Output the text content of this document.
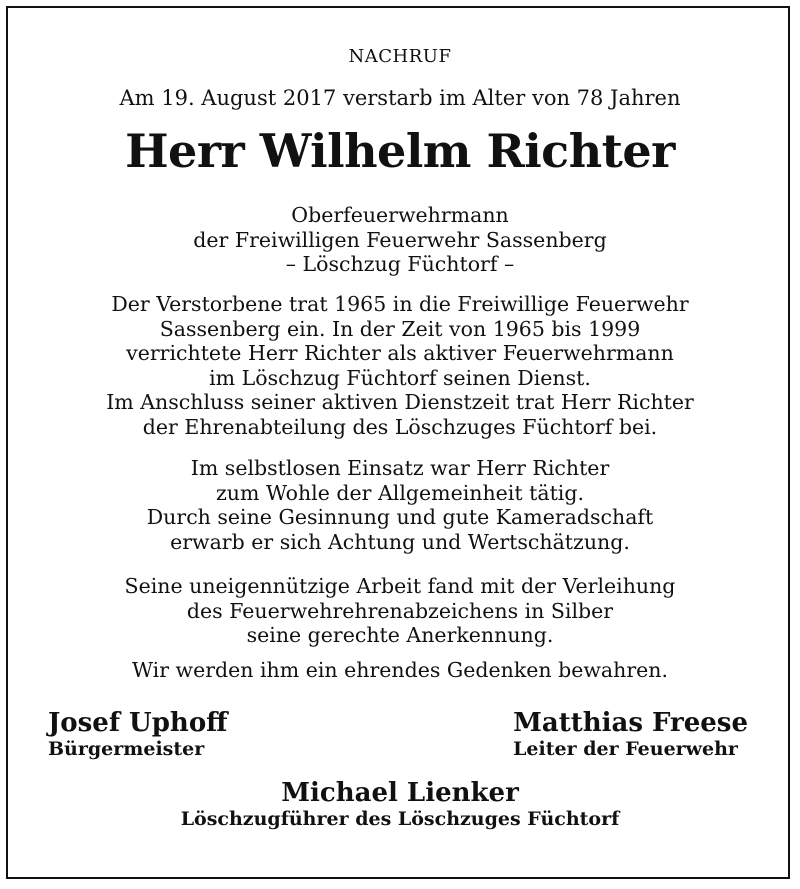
NACHRUF
Am 19. August 2017 verstarb im Alter von 78 Jahren
Herr Wilhelm Richter
Oberfeuerwehrmann
der Freiwilligen Feuerwehr Sassenberg
– Löschzug Füchtorf –
Der Verstorbene trat 1965 in die Freiwillige Feuerwehr
Sassenberg ein. In der Zeit von 1965 bis 1999
verrichtete Herr Richter als aktiver Feuerwehrmann
im Löschzug Füchtorf seinen Dienst.
Im Anschluss seiner aktiven Dienstzeit trat Herr Richter
der Ehrenabteilung des Löschzuges Füchtorf bei.
Im selbstlosen Einsatz war Herr Richter
zum Wohle der Allgemeinheit tätig.
Durch seine Gesinnung und gute Kameradschaft
erwarb er sich Achtung und Wertschätzung.
Seine uneigennützige Arbeit fand mit der Verleihung
des Feuerwehrehrenabzeichens in Silber
seine gerechte Anerkennung.
Wir werden ihm ein ehrendes Gedenken bewahren.
Josef Uphoff
Bürgermeister
Matthias Freese
Leiter der Feuerwehr
Michael Lienker
Löschzugführer des Löschzuges Füchtorf
